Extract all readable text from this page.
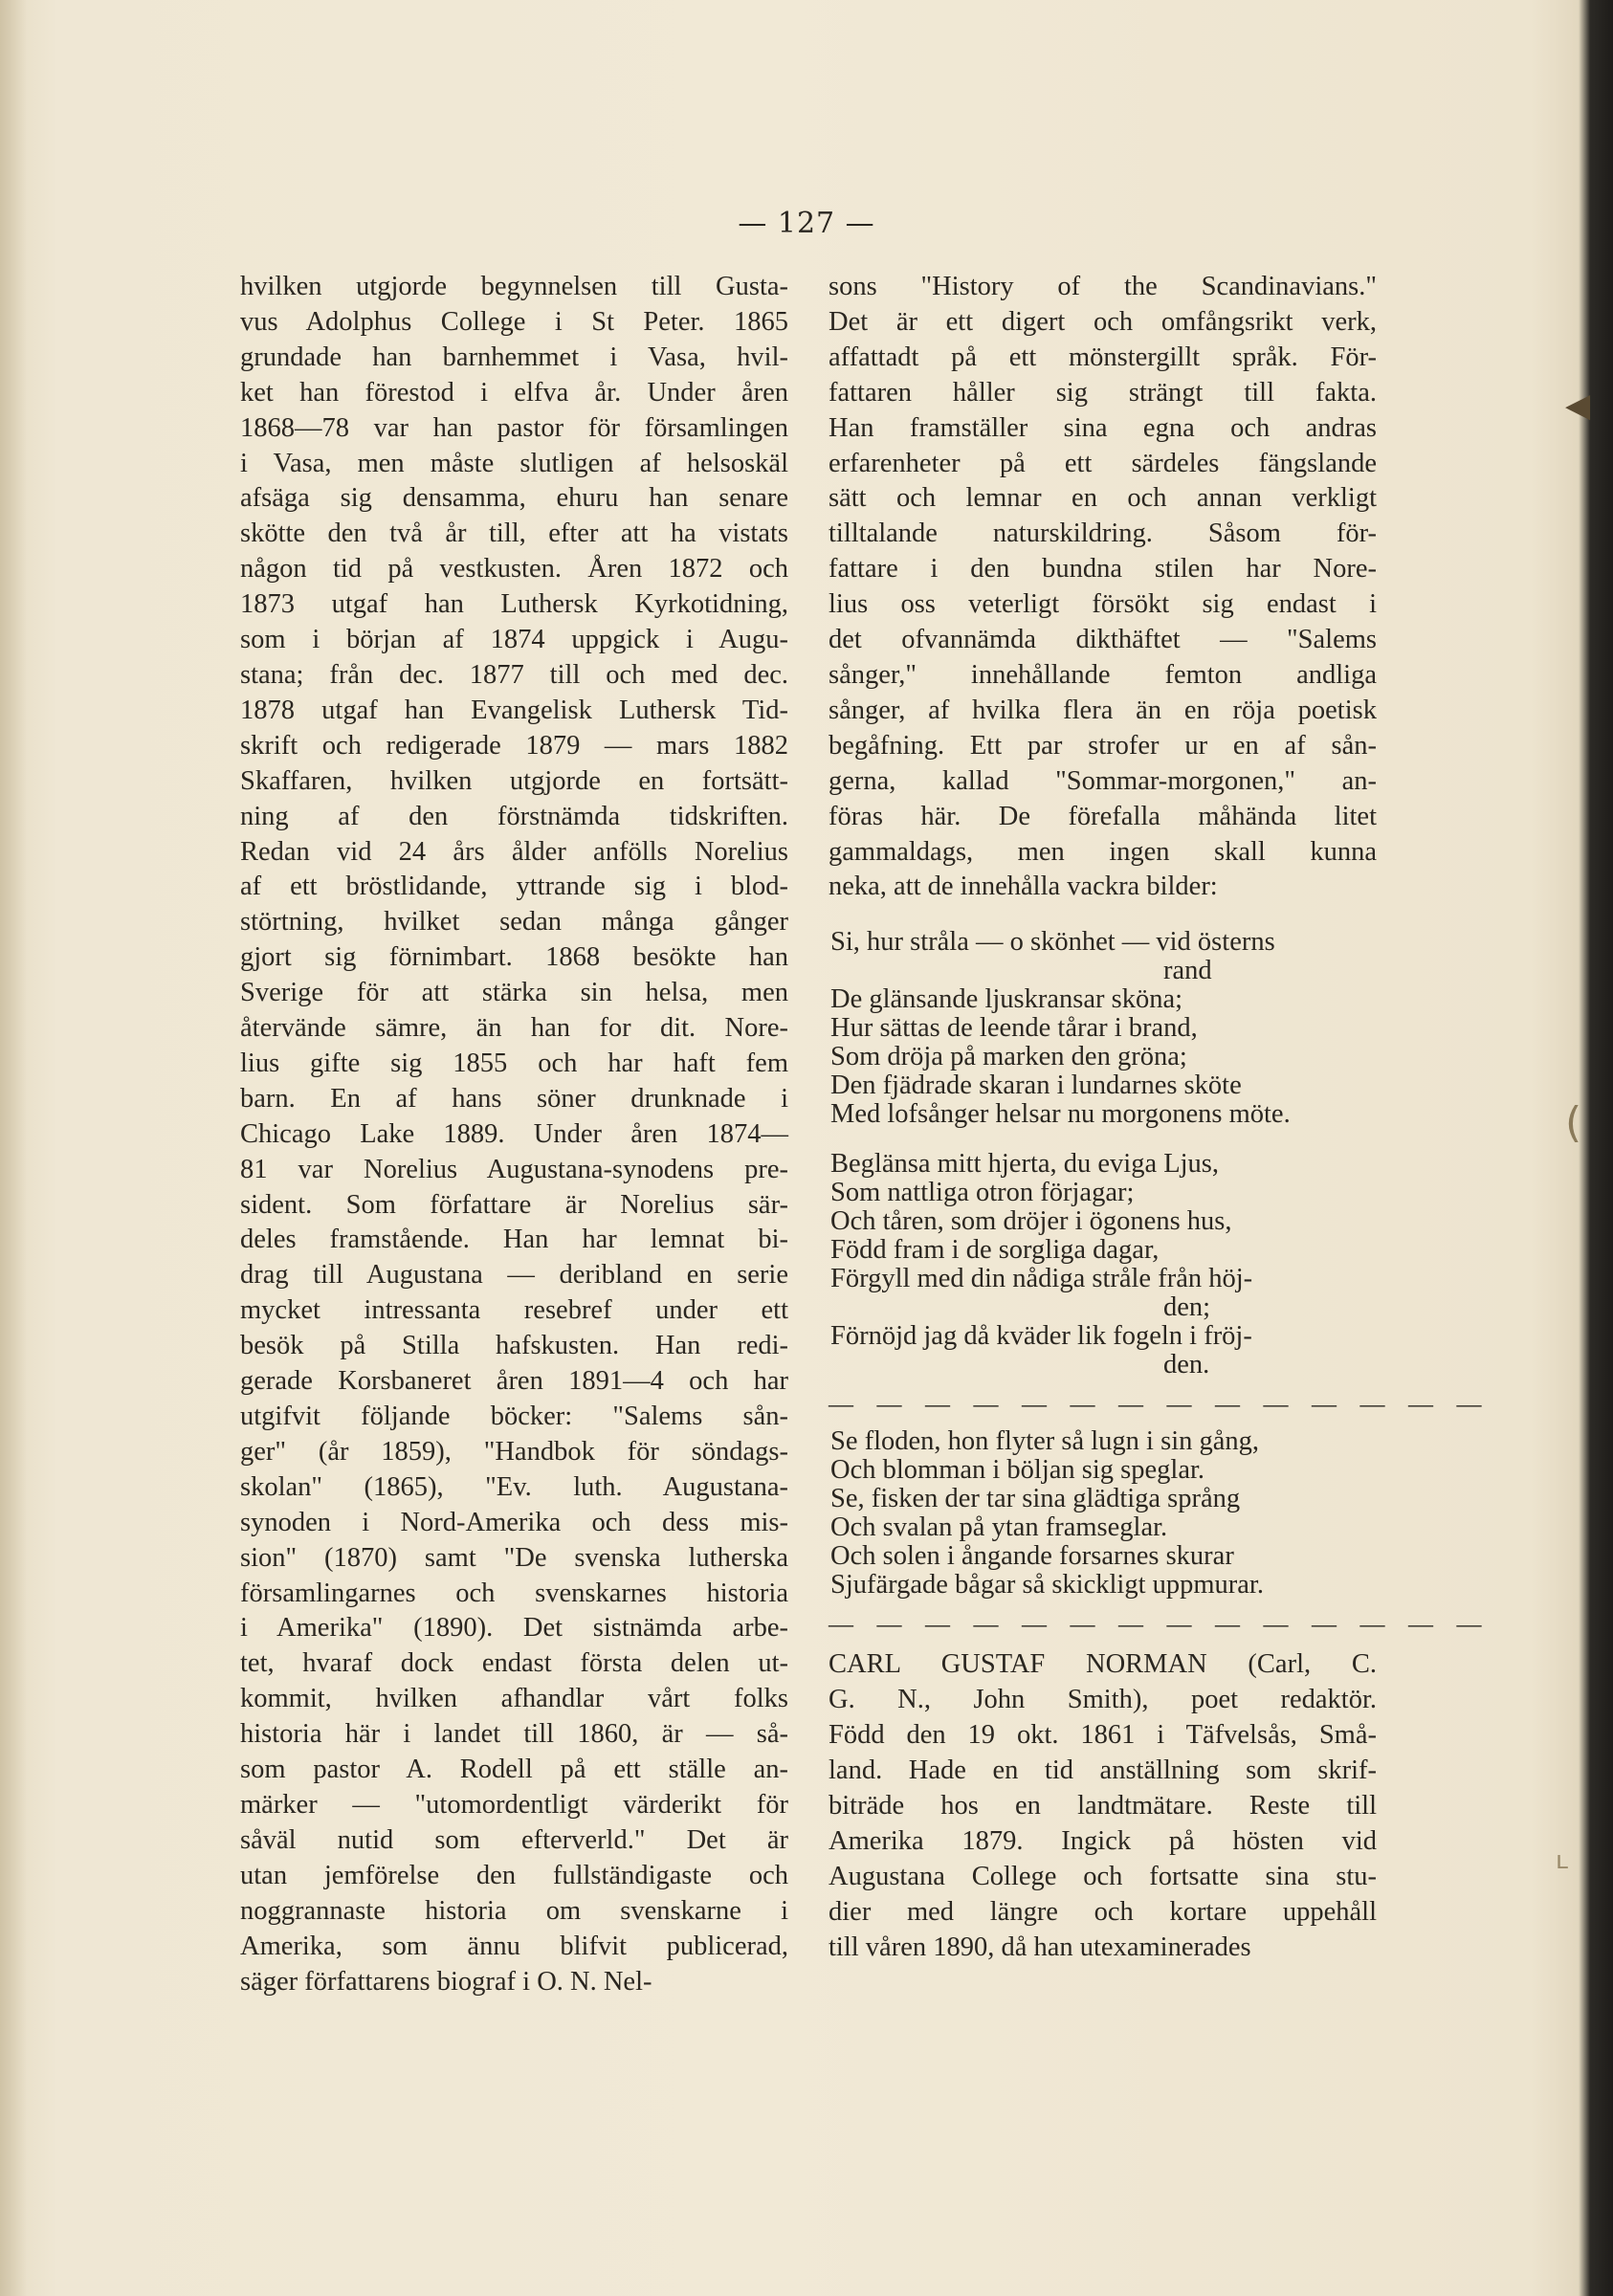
— 127 —
hvilken utgjorde begynnelsen till Gusta-
vus Adolphus College i St Peter. 1865
grundade han barnhemmet i Vasa, hvil-
ket han förestod i elfva år. Under åren
1868—78 var han pastor för församlingen
i Vasa, men måste slutligen af helsoskäl
afsäga sig densamma, ehuru han senare
skötte den två år till, efter att ha vistats
någon tid på vestkusten. Åren 1872 och
1873 utgaf han Luthersk Kyrkotidning,
som i början af 1874 uppgick i Augu-
stana; från dec. 1877 till och med dec.
1878 utgaf han Evangelisk Luthersk Tid-
skrift och redigerade 1879 — mars 1882
Skaffaren, hvilken utgjorde en fortsätt-
ning af den förstnämda tidskriften.
Redan vid 24 års ålder anfölls Norelius
af ett bröstlidande, yttrande sig i blod-
störtning, hvilket sedan många gånger
gjort sig förnimbart. 1868 besökte han
Sverige för att stärka sin helsa, men
återvände sämre, än han for dit. Nore-
lius gifte sig 1855 och har haft fem
barn. En af hans söner drunknade i
Chicago Lake 1889. Under åren 1874—
81 var Norelius Augustana-synodens pre-
sident. Som författare är Norelius sär-
deles framstående. Han har lemnat bi-
drag till Augustana — deribland en serie
mycket intressanta resebref under ett
besök på Stilla hafskusten. Han redi-
gerade Korsbaneret åren 1891—4 och har
utgifvit följande böcker: "Salems sån-
ger" (år 1859), "Handbok för söndags-
skolan" (1865), "Ev. luth. Augustana-
synoden i Nord-Amerika och dess mis-
sion" (1870) samt "De svenska lutherska
församlingarnes och svenskarnes historia
i Amerika" (1890). Det sistnämda arbe-
tet, hvaraf dock endast första delen ut-
kommit, hvilken afhandlar vårt folks
historia här i landet till 1860, är — så-
som pastor A. Rodell på ett ställe an-
märker — "utomordentligt värderikt för
såväl nutid som efterverld." Det är
utan jemförelse den fullständigaste och
noggrannaste historia om svenskarne i
Amerika, som ännu blifvit publicerad,
säger författarens biograf i O. N. Nel-
sons "History of the Scandinavians."
Det är ett digert och omfångsrikt verk,
affattadt på ett mönstergillt språk. För-
fattaren håller sig strängt till fakta.
Han framställer sina egna och andras
erfarenheter på ett särdeles fängslande
sätt och lemnar en och annan verkligt
tilltalande naturskildring. Såsom för-
fattare i den bundna stilen har Nore-
lius oss veterligt försökt sig endast i
det ofvannämda dikthäftet — "Salems
sånger," innehållande femton andliga
sånger, af hvilka flera än en röja poetisk
begåfning. Ett par strofer ur en af sån-
gerna, kallad "Sommar-morgonen," an-
föras här. De förefalla måhända litet
gammaldags, men ingen skall kunna
neka, att de innehålla vackra bilder:
Si, hur stråla — o skönhet — vid österns
rand
De glänsande ljuskransar sköna;
Hur sättas de leende tårar i brand,
Som dröja på marken den gröna;
Den fjädrade skaran i lundarnes sköte
Med lofsånger helsar nu morgonens möte.
Beglänsa mitt hjerta, du eviga Ljus,
Som nattliga otron förjagar;
Och tåren, som dröjer i ögonens hus,
Född fram i de sorgliga dagar,
Förgyll med din nådiga stråle från höj-
den;
Förnöjd jag då kväder lik fogeln i fröj-
den.
— — — — — — — — — — — — — —
Se floden, hon flyter så lugn i sin gång,
Och blomman i böljan sig speglar.
Se, fisken der tar sina glädtiga språng
Och svalan på ytan framseglar.
Och solen i ångande forsarnes skurar
Sjufärgade bågar så skickligt uppmurar.
— — — — — — — — — — — — — —
CARL GUSTAF NORMAN (Carl, C.
G. N., John Smith), poet redaktör.
Född den 19 okt. 1861 i Täfvelsås, Små-
land. Hade en tid anställning som skrif-
biträde hos en landtmätare. Reste till
Amerika 1879. Ingick på hösten vid
Augustana College och fortsatte sina stu-
dier med längre och kortare uppehåll
till våren 1890, då han utexaminerades
◀
(
ʟ
